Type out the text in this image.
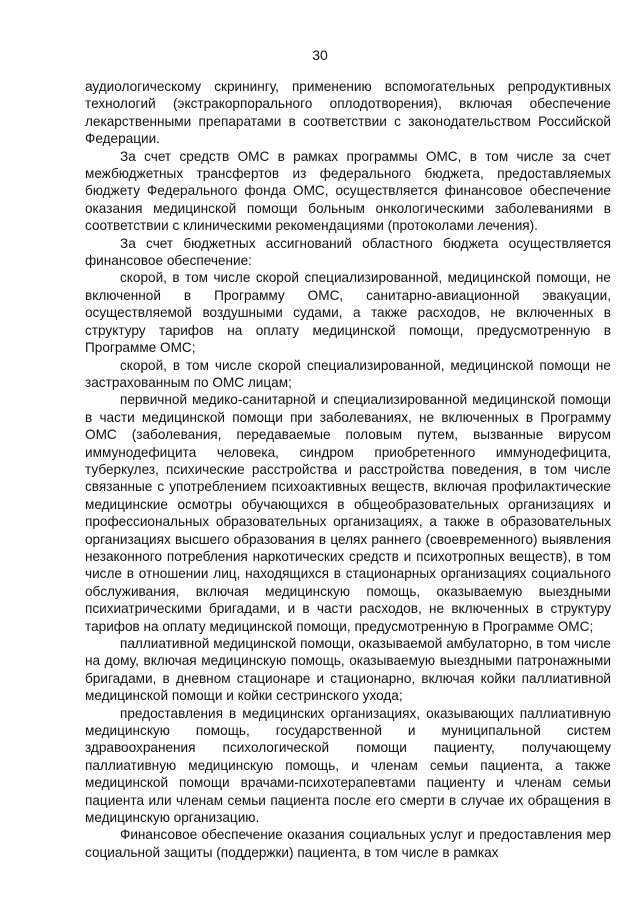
30

аудиологическому скринингу, применению вспомогательных репродуктивных технологий (экстракорпорального оплодотворения), включая обеспечение лекарственными препаратами в соответствии с законодательством Российской Федерации.

За счет средств ОМС в рамках программы ОМС, в том числе за счет межбюджетных трансфертов из федерального бюджета, предоставляемых бюджету Федерального фонда ОМС, осуществляется финансовое обеспечение оказания медицинской помощи больным онкологическими заболеваниями в соответствии с клиническими рекомендациями (протоколами лечения).

За счет бюджетных ассигнований областного бюджета осуществляется финансовое обеспечение:

скорой, в том числе скорой специализированной, медицинской помощи, не включенной в Программу ОМС, санитарно-авиационной эвакуации, осуществляемой воздушными судами, а также расходов, не включенных в структуру тарифов на оплату медицинской помощи, предусмотренную в Программе ОМС;

скорой, в том числе скорой специализированной, медицинской помощи не застрахованным по ОМС лицам;

первичной медико-санитарной и специализированной медицинской помощи в части медицинской помощи при заболеваниях, не включенных в Программу ОМС (заболевания, передаваемые половым путем, вызванные вирусом иммунодефицита человека, синдром приобретенного иммунодефицита, туберкулез, психические расстройства и расстройства поведения, в том числе связанные с употреблением психоактивных веществ, включая профилактические медицинские осмотры обучающихся в общеобразовательных организациях и профессиональных образовательных организациях, а также в образовательных организациях высшего образования в целях раннего (своевременного) выявления незаконного потребления наркотических средств и психотропных веществ), в том числе в отношении лиц, находящихся в стационарных организациях социального обслуживания, включая медицинскую помощь, оказываемую выездными психиатрическими бригадами, и в части расходов, не включенных в структуру тарифов на оплату медицинской помощи, предусмотренную в Программе ОМС;

паллиативной медицинской помощи, оказываемой амбулаторно, в том числе на дому, включая медицинскую помощь, оказываемую выездными патронажными бригадами, в дневном стационаре и стационарно, включая койки паллиативной медицинской помощи и койки сестринского ухода;

предоставления в медицинских организациях, оказывающих паллиативную медицинскую помощь, государственной и муниципальной систем здравоохранения психологической помощи пациенту, получающему паллиативную медицинскую помощь, и членам семьи пациента, а также медицинской помощи врачами-психотерапевтами пациенту и членам семьи пациента или членам семьи пациента после его смерти в случае их обращения в медицинскую организацию.

Финансовое обеспечение оказания социальных услуг и предоставления мер социальной защиты (поддержки) пациента, в том числе в рамках
